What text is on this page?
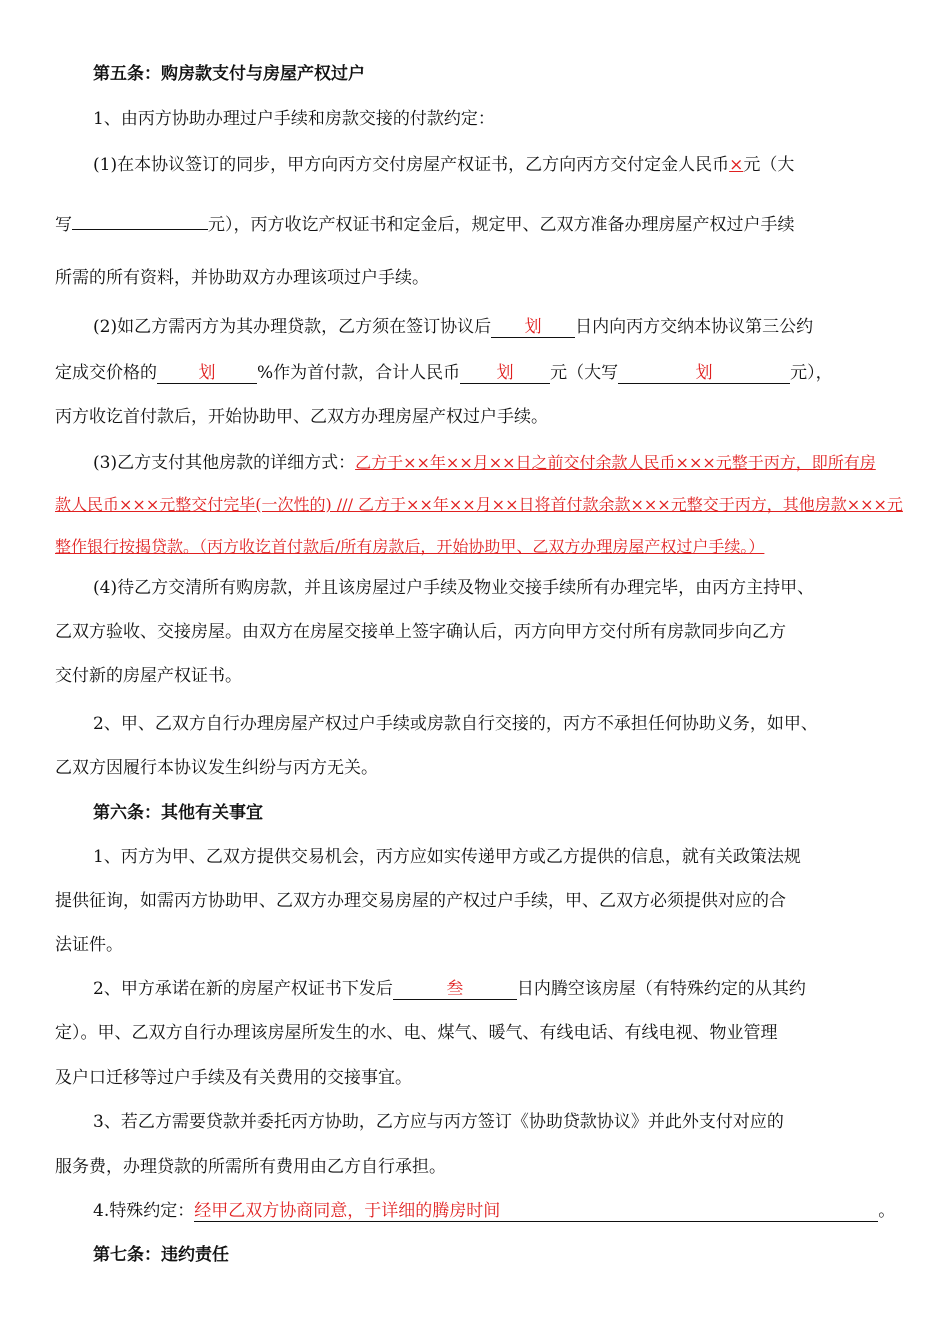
第五条：购房款支付与房屋产权过户
1、由丙方协助办理过户手续和房款交接的付款约定：
(1)在本协议签订的同步，甲方向丙方交付房屋产权证书，乙方向丙方交付定金人民币×元（大
写	元），丙方收讫产权证书和定金后，规定甲、乙双方准备办理房屋产权过户手续
所需的所有资料，并协助双方办理该项过户手续。
(2)如乙方需丙方为其办理贷款，乙方须在签订协议后 划 日内向丙方交纳本协议第三公约
定成交价格的 划 %作为首付款，合计人民币 划 元（大写	划	元），
丙方收讫首付款后，开始协助甲、乙双方办理房屋产权过户手续。
(3)乙方支付其他房款的详细方式：乙方于××年××月××日之前交付余款人民币×××元整于丙方，即所有房
款人民币×××元整交付完毕(一次性的) /// 乙方于××年××月××日将首付款余款×××元整交于丙方，其他房款×××元
整作银行按揭贷款。（丙方收讫首付款后/所有房款后，开始协助甲、乙双方办理房屋产权过户手续。）
(4)待乙方交清所有购房款，并且该房屋过户手续及物业交接手续所有办理完毕，由丙方主持甲、
乙双方验收、交接房屋。由双方在房屋交接单上签字确认后，丙方向甲方交付所有房款同步向乙方
交付新的房屋产权证书。
2、甲、乙双方自行办理房屋产权过户手续或房款自行交接的，丙方不承担任何协助义务，如甲、
乙双方因履行本协议发生纠纷与丙方无关。
第六条：其他有关事宜
1、丙方为甲、乙双方提供交易机会，丙方应如实传递甲方或乙方提供的信息，就有关政策法规
提供征询，如需丙方协助甲、乙双方办理交易房屋的产权过户手续，甲、乙双方必须提供对应的合
法证件。
2、甲方承诺在新的房屋产权证书下发后	叁	日内腾空该房屋（有特殊约定的从其约
定）。甲、乙双方自行办理该房屋所发生的水、电、煤气、暖气、有线电话、有线电视、物业管理
及户口迁移等过户手续及有关费用的交接事宜。
3、若乙方需要贷款并委托丙方协助，乙方应与丙方签订《协助贷款协议》并此外支付对应的
服务费，办理贷款的所需所有费用由乙方自行承担。
4.特殊约定：经甲乙双方协商同意，于详细的腾房时间	。
第七条：违约责任
